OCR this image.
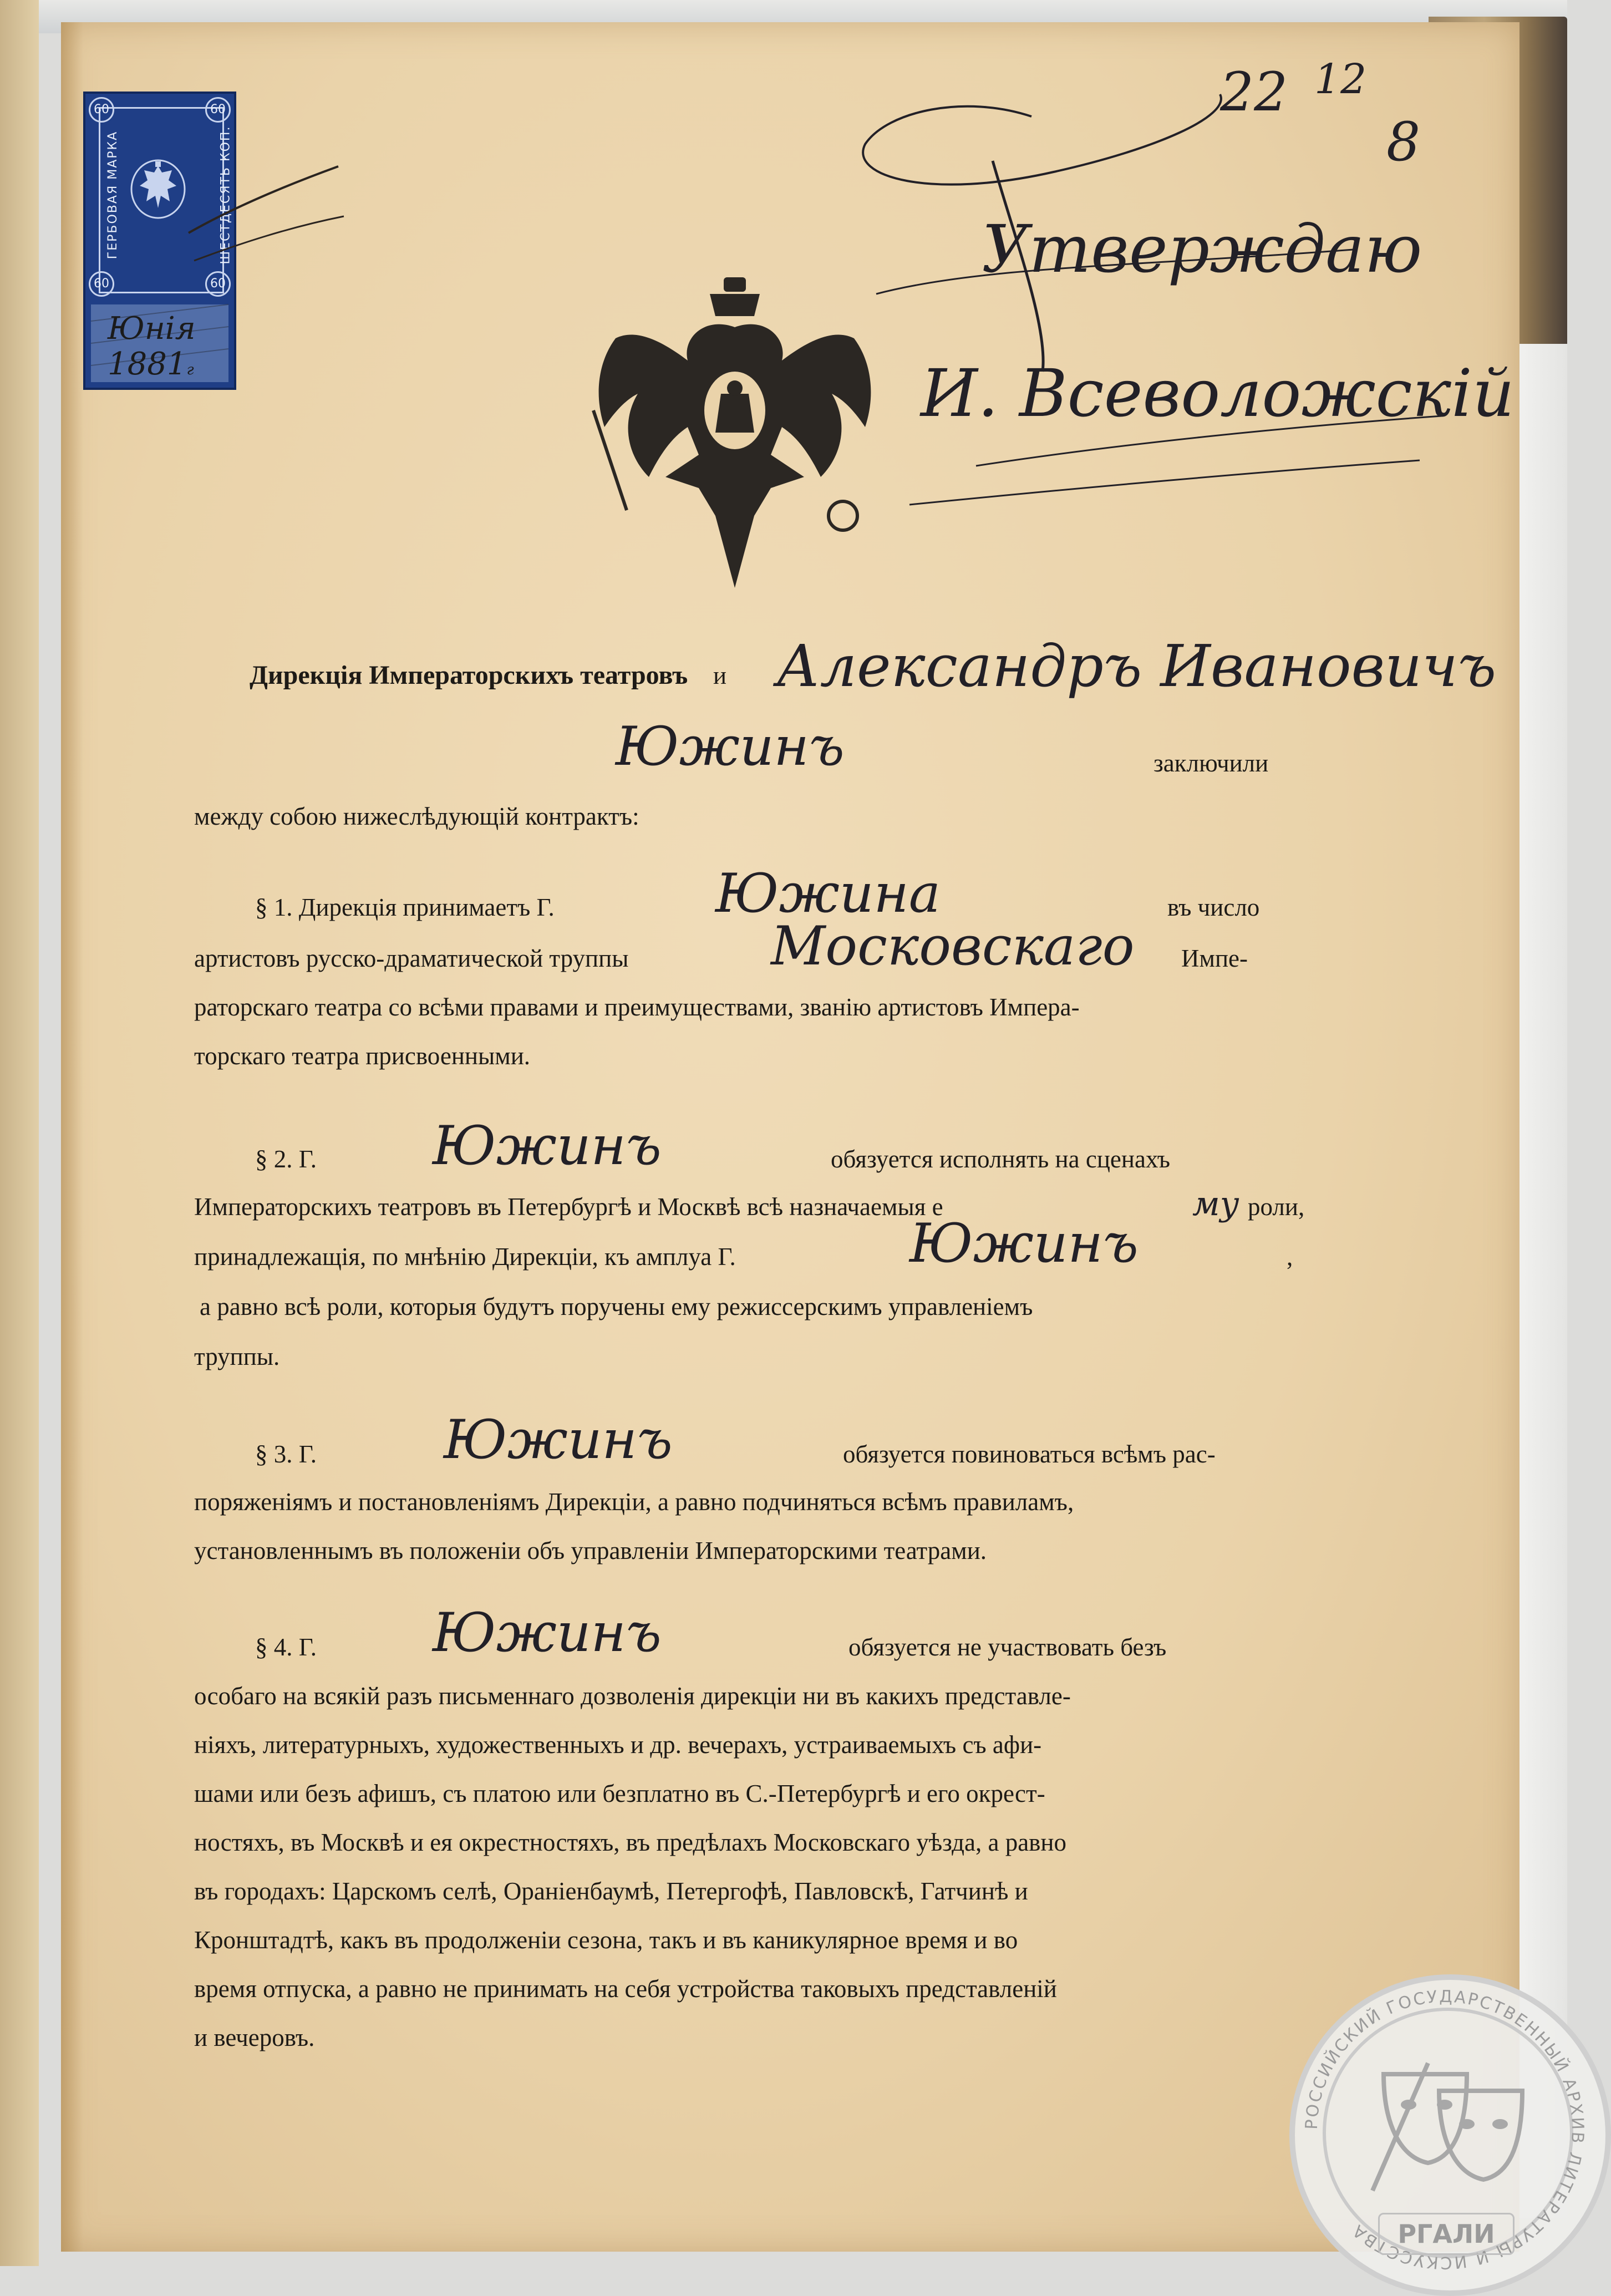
60	60
60	60
ГЕРБОВАЯ МАРКА	ШЕСТДЕСЯТЬ КОП.
Юнія
1881г
22 12
8
Утверждаю
И. Всеволожскій
Дирекція Императорскихъ театровъ и Александръ Ивановичъ
Южинъ	заключили
между собою нижеслѣдующій контрактъ:
§ 1. Дирекція принимаетъ Г.	Южина	въ число
артистовъ русско-драматической труппы	Московскаго Импе-
раторскаго театра со всѣми правами и преимуществами, званію артистовъ Импера-
торскаго театра присвоенными.
§ 2. Г. Южинъ	обязуется исполнять на сценахъ
Императорскихъ театровъ въ Петербургѣ и Москвѣ всѣ назначаемыя е	му роли,
принадлежащія, по мнѣнію Дирекціи, къ амплуа Г.	Южинъ	,
а равно всѣ роли, которыя будутъ поручены ему режиссерскимъ управленіемъ
труппы.
§ 3. Г. Южинъ	обязуется повиноваться всѣмъ рас-
поряженіямъ и постановленіямъ Дирекціи, а равно подчиняться всѣмъ правиламъ,
установленнымъ въ положеніи объ управленіи Императорскими театрами.
§ 4. Г. Южинъ	обязуется не участвовать безъ
особаго на всякій разъ письменнаго дозволенія дирекціи ни въ какихъ представле-
ніяхъ, литературныхъ, художественныхъ и др. вечерахъ, устраиваемыхъ съ афи-
шами или безъ афишъ, съ платою или безплатно въ С.-Петербургѣ и его окрест-
ностяхъ, въ Москвѣ и ея окрестностяхъ, въ предѣлахъ Московскаго уѣзда, а равно
въ городахъ: Царскомъ селѣ, Ораніенбаумѣ, Петергофѣ, Павловскѣ, Гатчинѣ и
Кронштадтѣ, какъ въ продолженіи сезона, такъ и въ каникулярное время и во
время отпуска, а равно не принимать на себя устройства таковыхъ представленій
и вечеровъ.
РОССИЙСКИЙ ГОСУДАРСТВЕННЫЙ АРХИВ ЛИТЕРАТУРЫ И ИСКУССТВА	РГАЛИ
